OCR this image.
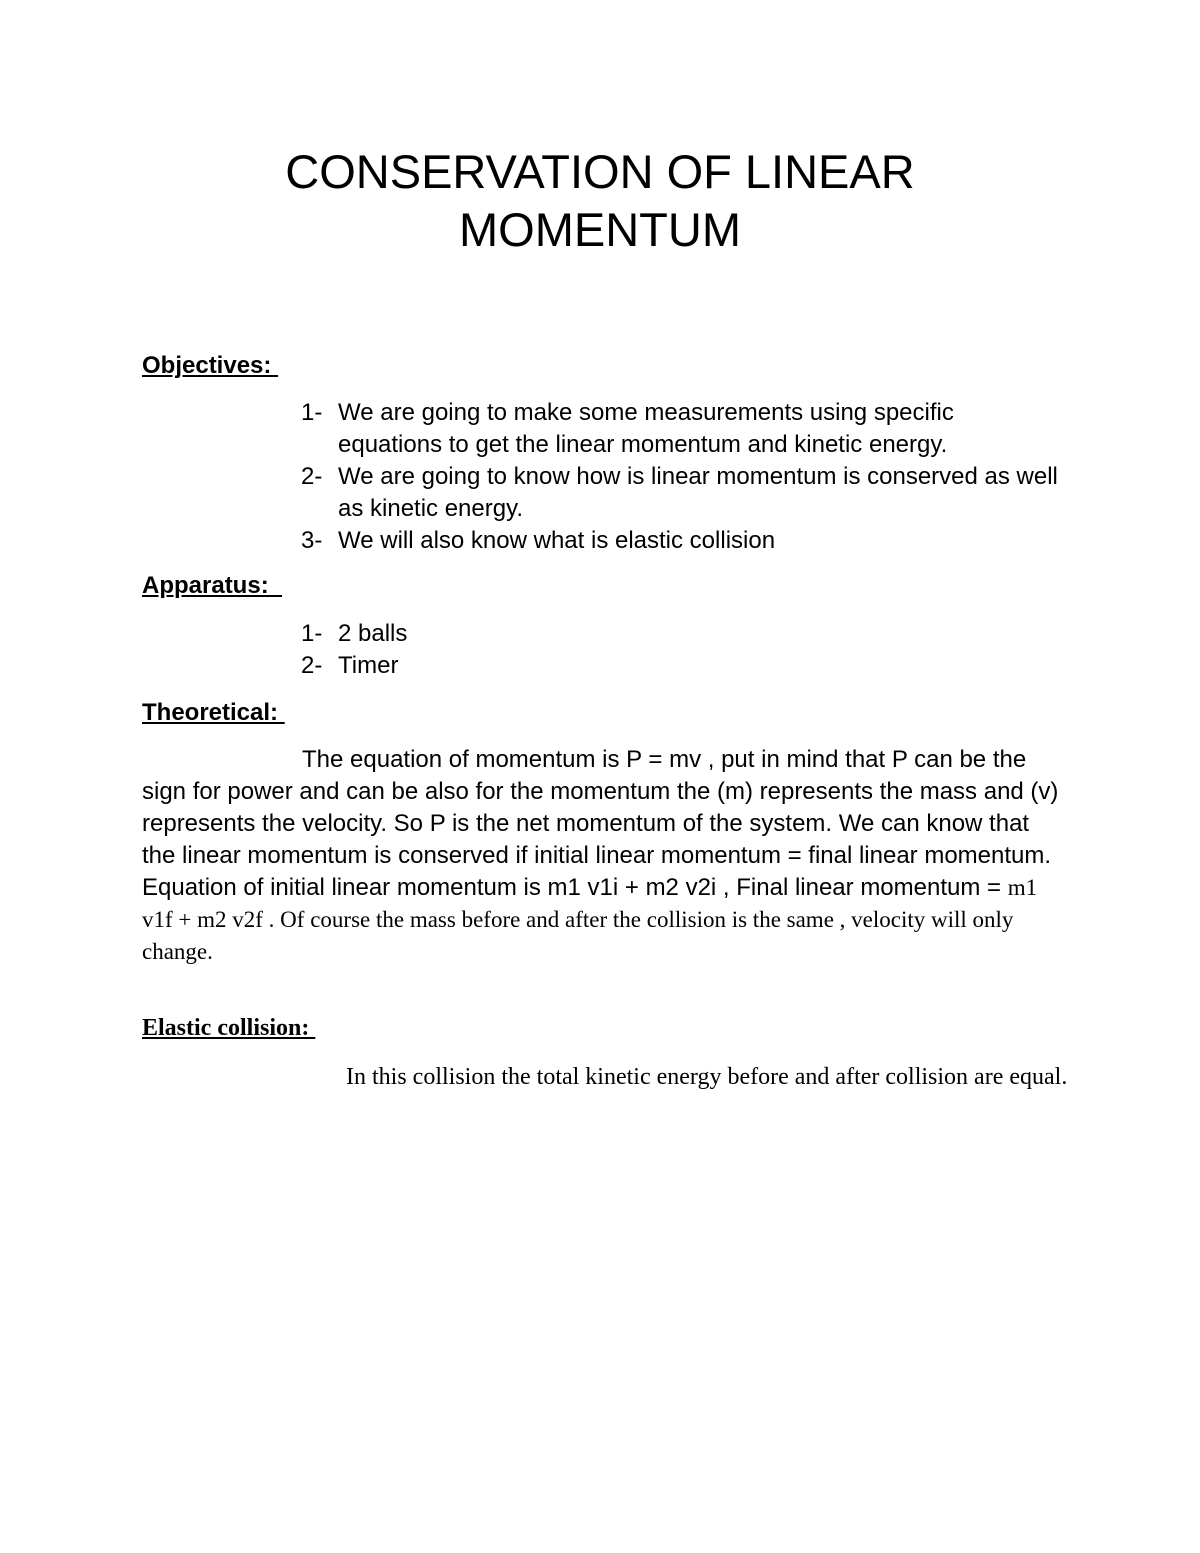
CONSERVATION OF LINEAR
MOMENTUM
Objectives:
1- We are going to make some measurements using specific equations to get the linear momentum and kinetic energy.
2- We are going to know how is linear momentum is conserved as well as kinetic energy.
3- We will also know what is elastic collision
Apparatus:
1- 2 balls
2- Timer
Theoretical:

The equation of momentum is P = mv , put in mind that P can be the sign for power and can be also for the momentum the (m) represents the mass and (v) represents the velocity. So P is the net momentum of the system. We can know that the linear momentum is conserved if initial linear momentum = final linear momentum. Equation of initial linear momentum is m1 v1i + m2 v2i , Final linear momentum = m1 v1f + m2 v2f . Of course the mass before and after the collision is the same , velocity will only change.

Elastic collision:

In this collision the total kinetic energy before and after collision are equal.
